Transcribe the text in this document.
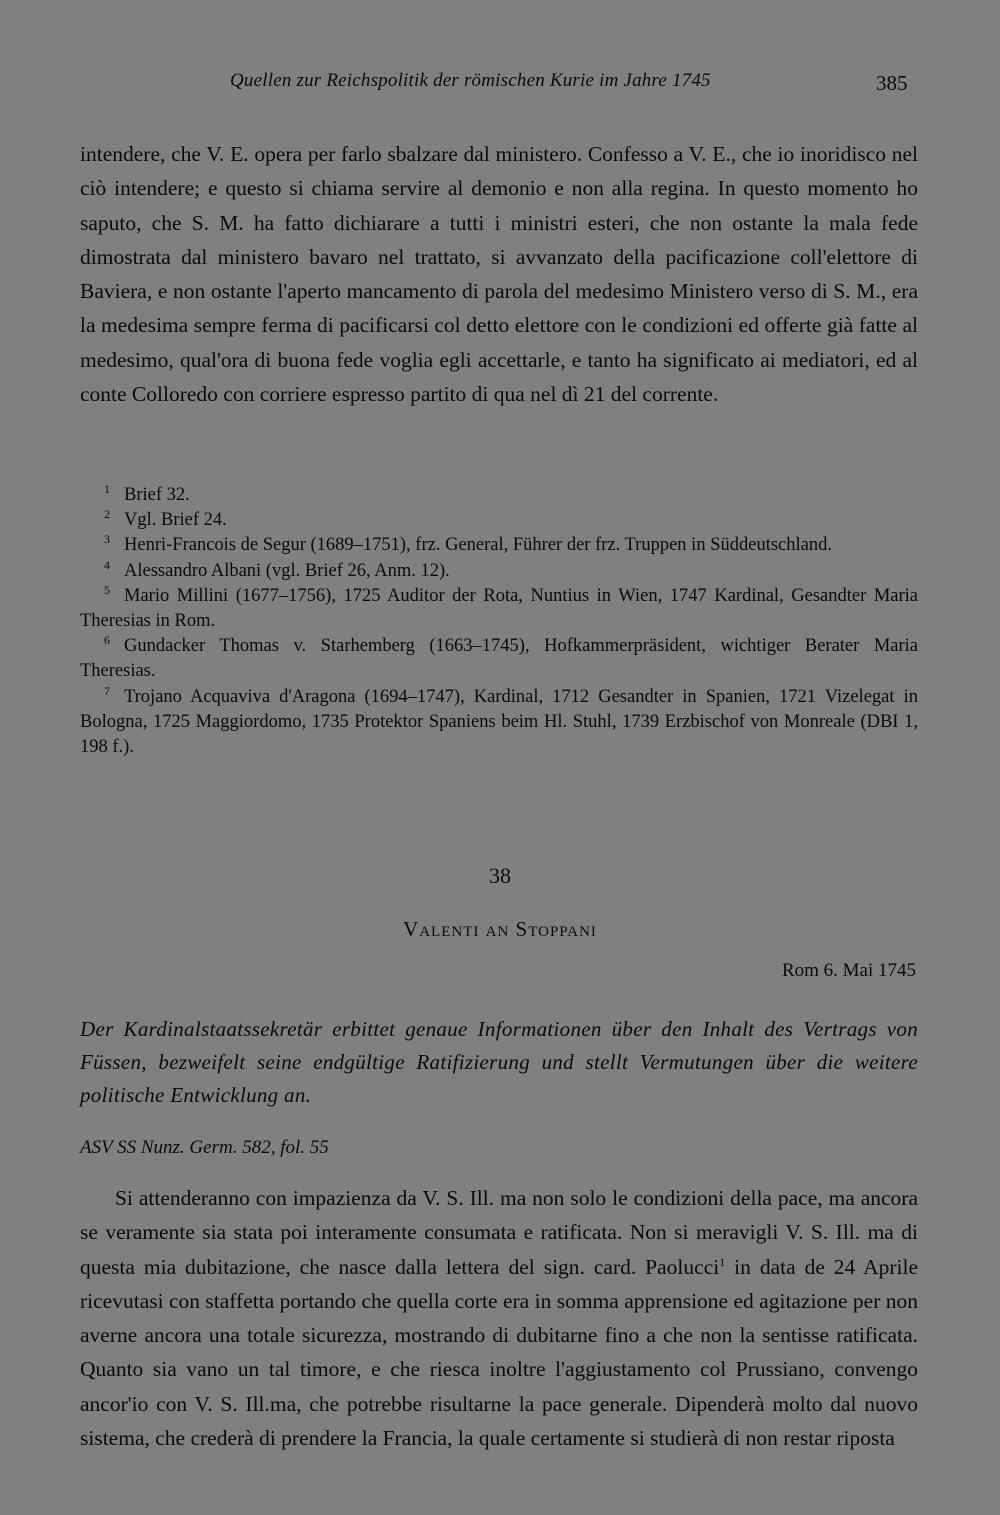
Quellen zur Reichspolitik der römischen Kurie im Jahre 1745	385

intendere, che V. E. opera per farlo sbalzare dal ministero. Confesso a V. E., che io inoridisco nel ciò intendere; e questo si chiama servire al demonio e non alla regina. In questo momento ho saputo, che S. M. ha fatto dichiarare a tutti i ministri esteri, che non ostante la mala fede dimostrata dal ministero bavaro nel trattato, si avvanzato della pacificazione coll'elettore di Baviera, e non ostante l'aperto mancamento di parola del medesimo Ministero verso di S. M., era la medesima sempre ferma di pacificarsi col detto elettore con le condizioni ed offerte già fatte al medesimo, qual'ora di buona fede voglia egli accettarle, e tanto ha significato ai mediatori, ed al conte Colloredo con corriere espresso partito di qua nel dì 21 del corrente.

1 Brief 32.

2 Vgl. Brief 24.

3 Henri-Francois de Segur (1689–1751), frz. General, Führer der frz. Truppen in Süddeutschland.

4 Alessandro Albani (vgl. Brief 26, Anm. 12).

5 Mario Millini (1677–1756), 1725 Auditor der Rota, Nuntius in Wien, 1747 Kardinal, Gesandter Maria Theresias in Rom.

6 Gundacker Thomas v. Starhemberg (1663–1745), Hofkammerpräsident, wichtiger Berater Maria Theresias.

7 Trojano Acquaviva d'Aragona (1694–1747), Kardinal, 1712 Gesandter in Spanien, 1721 Vizelegat in Bologna, 1725 Maggiordomo, 1735 Protektor Spaniens beim Hl. Stuhl, 1739 Erzbischof von Monreale (DBI 1, 198 f.).

38
Valenti an Stoppani
Rom 6. Mai 1745

Der Kardinalstaatssekretär erbittet genaue Informationen über den Inhalt des Vertrags von Füssen, bezweifelt seine endgültige Ratifizierung und stellt Vermutungen über die weitere politische Entwicklung an.

ASV SS Nunz. Germ. 582, fol. 55

Si attenderanno con impazienza da V. S. Ill. ma non solo le condizioni della pace, ma ancora se veramente sia stata poi interamente consumata e ratificata. Non si meravigli V. S. Ill. ma di questa mia dubitazione, che nasce dalla lettera del sign. card. Paolucci$^1$ in data de 24 Aprile ricevutasi con staffetta portando che quella corte era in somma apprensione ed agitazione per non averne ancora una totale sicurezza, mostrando di dubitarne fino a che non la sentisse ratificata. Quanto sia vano un tal timore, e che riesca inoltre l'aggiustamento col Prussiano, convengo ancor'io con V. S. Ill.ma, che potrebbe risultarne la pace generale. Dipenderà molto dal nuovo sistema, che crederà di prendere la Francia, la quale certamente si studierà di non restar riposta
